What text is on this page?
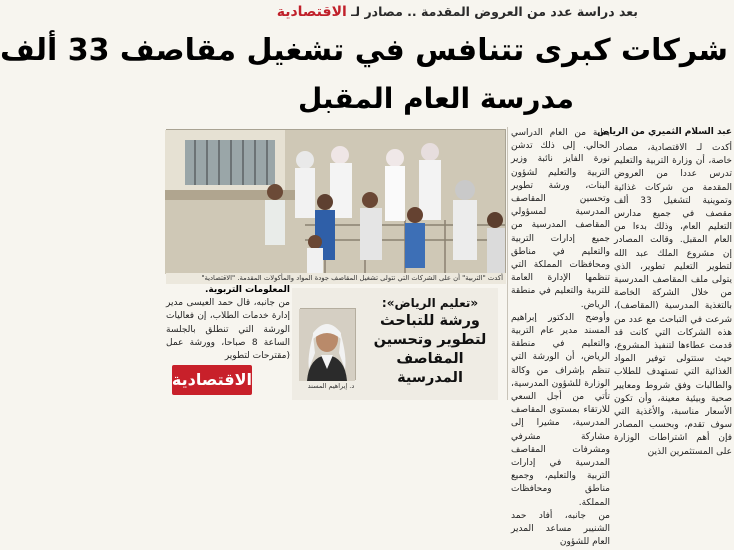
بعد دراسة عدد من العروض المقدمة .. مصادر لـ الاقتصادية
شركات كبرى تتنافس في تشغيل مقاصف 33 ألف
مدرسة العام المقبل
عبد السلام الثميري من الرياض

أكدت لـ الاقتصادية، مصادر خاصة، أن وزارة التربية والتعليم تدرس عددا من العروض المقدمة من شركات غذائية وتموينية لتشغيل 33 ألف مقصف في جميع مدارس التعليم العام، وذلك بدءا من العام المقبل. وقالت المصادر إن مشروع الملك عبد الله لتطوير التعليم تطوير، الذي يتولى ملف المقاصف المدرسية من خلال الشركة الخاصة بالتغذية المدرسية (المقاصف)، شرعت في التباحث مع عدد من هذه الشركات التي كانت قد قدمت عطاءها لتنفيذ المشروع، حيث ستتولى توفير المواد الغذائية التي تستهدف للطلاب والطالبات وفق شروط ومعايير صحية وبيئية معينة، وأن تكون الأسعار مناسبة، والأغذية التي سوف تقدم، وبحسب المصادر فإن أهم اشتراطات الوزارة على المستثمرين الذين

بداية من العام الدراسي الحالي. إلى ذلك تدشن نورة الفايز نائبة وزير التربية والتعليم لشؤون البنات، ورشة تطوير وتحسين المقاصف المدرسية لمسؤولي المقاصف المدرسية من جميع إدارات التربية والتعليم في مناطق ومحافظات المملكة التي تنظمها الإدارة العامة للتربية والتعليم في منطقة الرياض.

وأوضح الدكتور إبراهيم المسند مدير عام التربية والتعليم في منطقة الرياض، أن الورشة التي تنظم بإشراف من وكالة الوزارة للشؤون المدرسية، تأتي من أجل السعي للارتقاء بمستوى المقاصف المدرسية، مشيرا إلى مشاركة مشرفي ومشرفات المقاصف المدرسية في إدارات التربية والتعليم، وجميع مناطق ومحافظات المملكة.

من جانبه، أفاد حمد الشنيبر مساعد المدير العام للشؤون

أكدت "التربية" أن على الشركات التي تتولى تشغيل المقاصف جودة المواد والمأكولات المقدمة. "الاقتصادية"

المعلومات التربوية.

من جانبه، قال حمد العيسى مدير إدارة خدمات الطلاب، إن فعاليات الورشة التي تنطلق بالجلسة الساعة 8 صباحا، وورشة عمل (مقترحات لتطوير

«تعليم الرياض»:
ورشة للتباحث لتطوير وتحسين المقاصف المدرسية
د. إبراهيم المسند
الاقتصادية
